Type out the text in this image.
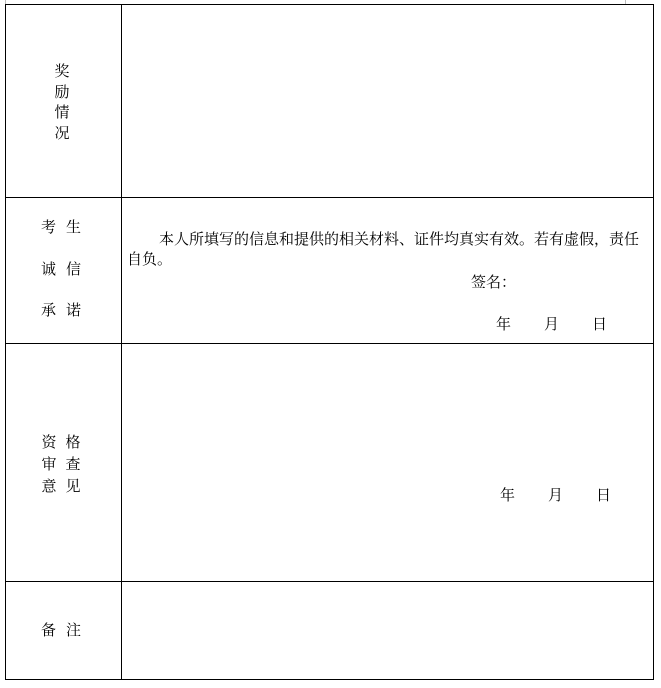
奖
励
情
况
考生
诚信
承诺
本人所填写的信息和提供的相关材料、证件均真实有效。若有虚假，责任自负。
签名：
年 月 日
资
审
意
格
查
见	年 月 日
备注
